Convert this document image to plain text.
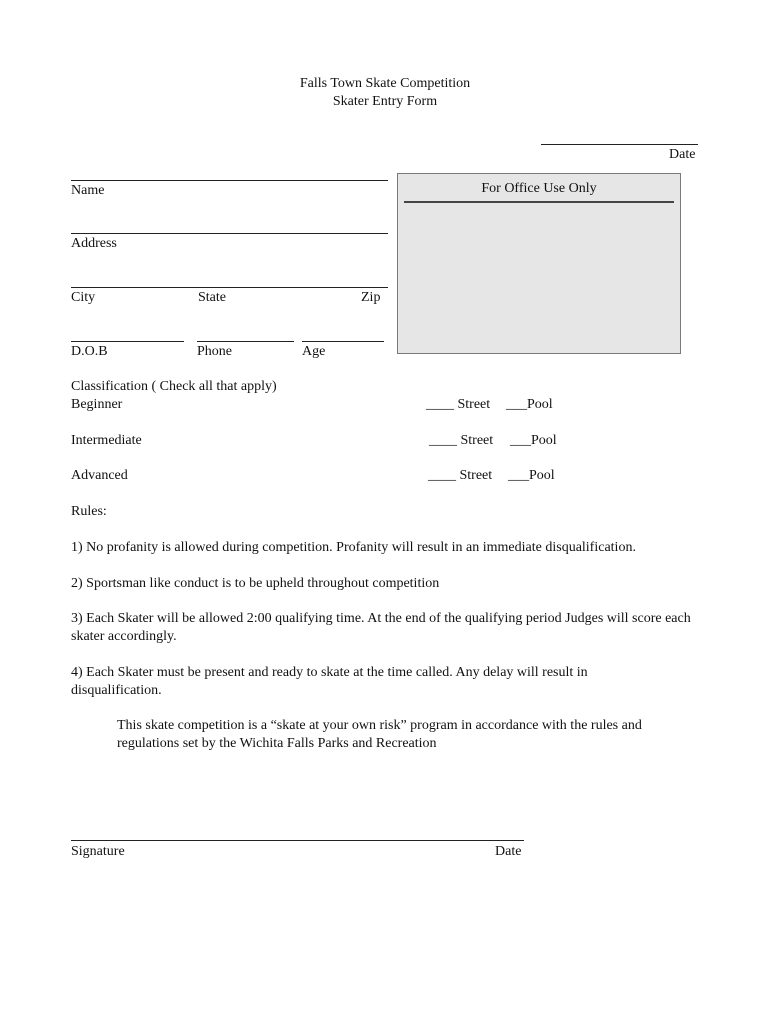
Falls Town Skate Competition
Skater Entry Form
Date
Name
Address
City	State	Zip
D.O.B	Phone	Age
For Office Use Only
Classification ( Check all that apply)
Beginner	____ Street ___Pool
Intermediate	____ Street ___Pool
Advanced	____ Street ___Pool
Rules:
1) No profanity is allowed during competition. Profanity will result in an immediate disqualification.
2) Sportsman like conduct is to be upheld throughout competition
3) Each Skater will be allowed 2:00 qualifying time. At the end of the qualifying period Judges will score each skater accordingly.
4) Each Skater must be present and ready to skate at the time called. Any delay will result in disqualification.
This skate competition is a “skate at your own risk” program in accordance with the rules and regulations set by the Wichita Falls Parks and Recreation
Signature	Date
